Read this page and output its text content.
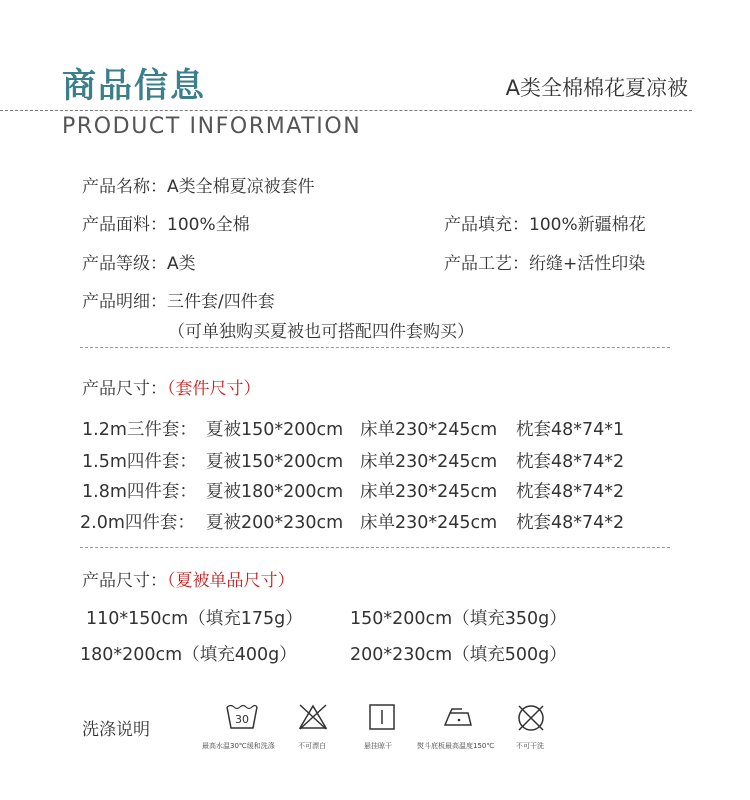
商品信息	A类全棉棉花夏凉被
PRODUCT INFORMATION
产品名称：A类全棉夏凉被套件
产品面料：100%全棉	产品填充：100%新疆棉花
产品等级：A类	产品工艺：绗缝+活性印染
产品明细：三件套/四件套
（可单独购买夏被也可搭配四件套购买）
产品尺寸：（套件尺寸）
1.2m三件套： 夏被150*200cm 床单230*245cm 枕套48*74*1
1.5m四件套： 夏被150*200cm 床单230*245cm 枕套48*74*2
1.8m四件套： 夏被180*200cm 床单230*245cm 枕套48*74*2
2.0m四件套： 夏被200*230cm 床单230*245cm 枕套48*74*2
产品尺寸：（夏被单品尺寸）
110*150cm（填充175g）	150*200cm（填充350g）
180*200cm（填充400g）	200*230cm（填充500g）
洗涤说明
30
最高水温30℃缓和洗涤	不可漂白	悬挂晾干	熨斗底板最高温度150℃	不可干洗
